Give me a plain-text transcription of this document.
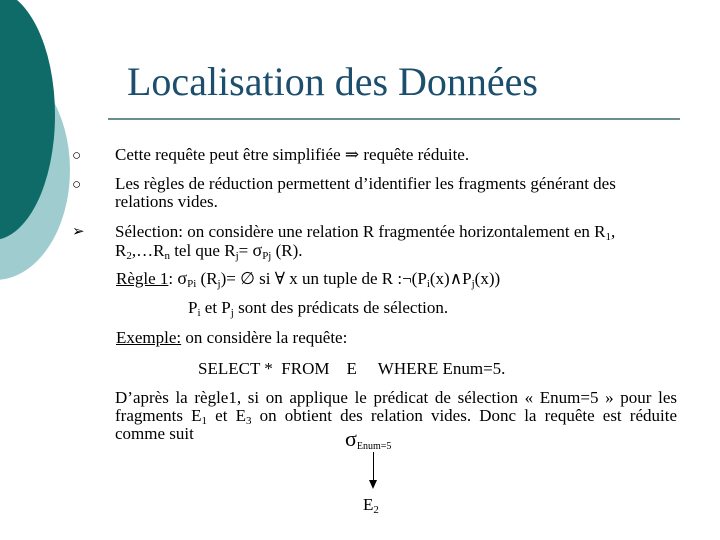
Localisation des Données
○ Cette requête peut être simplifiée ⇒ requête réduite.
○ Les règles de réduction permettent d’identifier les fragments générant des
relations vides.
➢ Sélection: on considère une relation R fragmentée horizontalement en $R_1$,
$R_2,\dots R_n$ tel que $R_j= \sigma_{Pj}$ (R).
Règle 1: $\sigma_{Pi}$ $(R_j)=$ ∅ si ∀ x un tuple de R $:\neg(P_i(x)\wedge P_j(x))$
$P_i$ et $P_j$ sont des prédicats de sélection.
Exemple: on considère la requête:
SELECT *  FROM    E     WHERE Enum=5.
D’après la règle1, si on applique le prédicat de sélection « Enum=5 » pour les fragments $E_1$ et $E_3$ on obtient des relation vides. Donc la requête est réduite comme suit	$\sigma_{Enum=5}$
$E_2$
